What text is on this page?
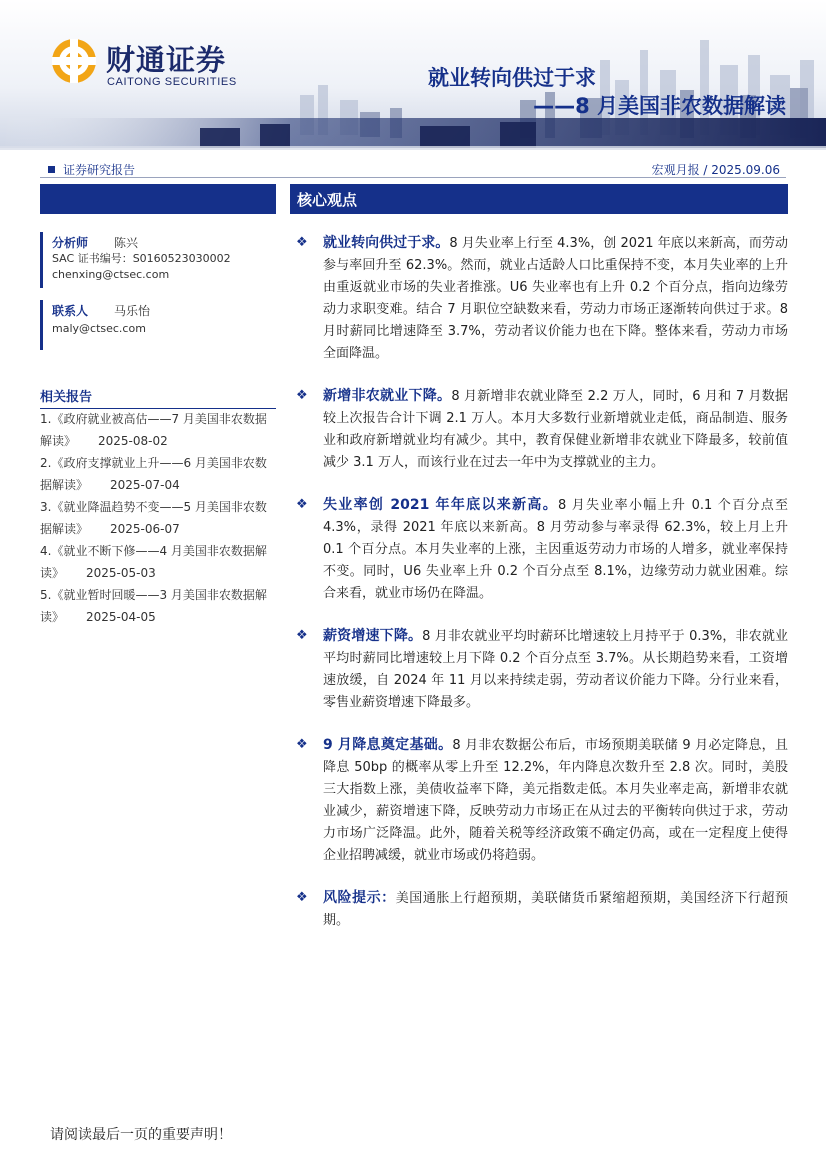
财通证券
CAITONG SECURITIES	就业转向供过于求
——8 月美国非农数据解读
证券研究报告	宏观月报 / 2025.09.06
分析师 陈兴
SAC 证书编号：S0160523030002
chenxing@ctsec.com
联系人 马乐怡
maly@ctsec.com
相关报告
1.《政府就业被高估——7 月美国非农数据解读》 2025-08-02
2.《政府支撑就业上升——6 月美国非农数据解读》 2025-07-04
3.《就业降温趋势不变——5 月美国非农数据解读》 2025-06-07
4.《就业不断下修——4 月美国非农数据解读》 2025-05-03
5.《就业暂时回暖——3 月美国非农数据解读》 2025-04-05
核心观点
❖ 就业转向供过于求。8 月失业率上行至 4.3%，创 2021 年底以来新高，而劳动参与率回升至 62.3%。然而，就业占适龄人口比重保持不变，本月失业率的上升由重返就业市场的失业者推涨。U6 失业率也有上升 0.2 个百分点，指向边缘劳动力求职变难。结合 7 月职位空缺数来看，劳动力市场正逐渐转向供过于求。8 月时薪同比增速降至 3.7%，劳动者议价能力也在下降。整体来看，劳动力市场全面降温。
❖ 新增非农就业下降。8 月新增非农就业降至 2.2 万人，同时，6 月和 7 月数据较上次报告合计下调 2.1 万人。本月大多数行业新增就业走低，商品制造、服务业和政府新增就业均有减少。其中，教育保健业新增非农就业下降最多，较前值减少 3.1 万人，而该行业在过去一年中为支撑就业的主力。
❖ 失业率创 2021 年年底以来新高。8 月失业率小幅上升 0.1 个百分点至 4.3%，录得 2021 年底以来新高。8 月劳动参与率录得 62.3%，较上月上升 0.1 个百分点。本月失业率的上涨，主因重返劳动力市场的人增多，就业率保持不变。同时，U6 失业率上升 0.2 个百分点至 8.1%，边缘劳动力就业困难。综合来看，就业市场仍在降温。
❖ 薪资增速下降。8 月非农就业平均时薪环比增速较上月持平于 0.3%，非农就业平均时薪同比增速较上月下降 0.2 个百分点至 3.7%。从长期趋势来看，工资增速放缓，自 2024 年 11 月以来持续走弱，劳动者议价能力下降。分行业来看，零售业薪资增速下降最多。
❖ 9 月降息奠定基础。8 月非农数据公布后，市场预期美联储 9 月必定降息，且降息 50bp 的概率从零上升至 12.2%，年内降息次数升至 2.8 次。同时，美股三大指数上涨，美债收益率下降，美元指数走低。本月失业率走高，新增非农就业减少，薪资增速下降，反映劳动力市场正在从过去的平衡转向供过于求，劳动力市场广泛降温。此外，随着关税等经济政策不确定仍高，或在一定程度上使得企业招聘减缓，就业市场或仍将趋弱。
❖ 风险提示：美国通胀上行超预期，美联储货币紧缩超预期，美国经济下行超预期。
请阅读最后一页的重要声明！
